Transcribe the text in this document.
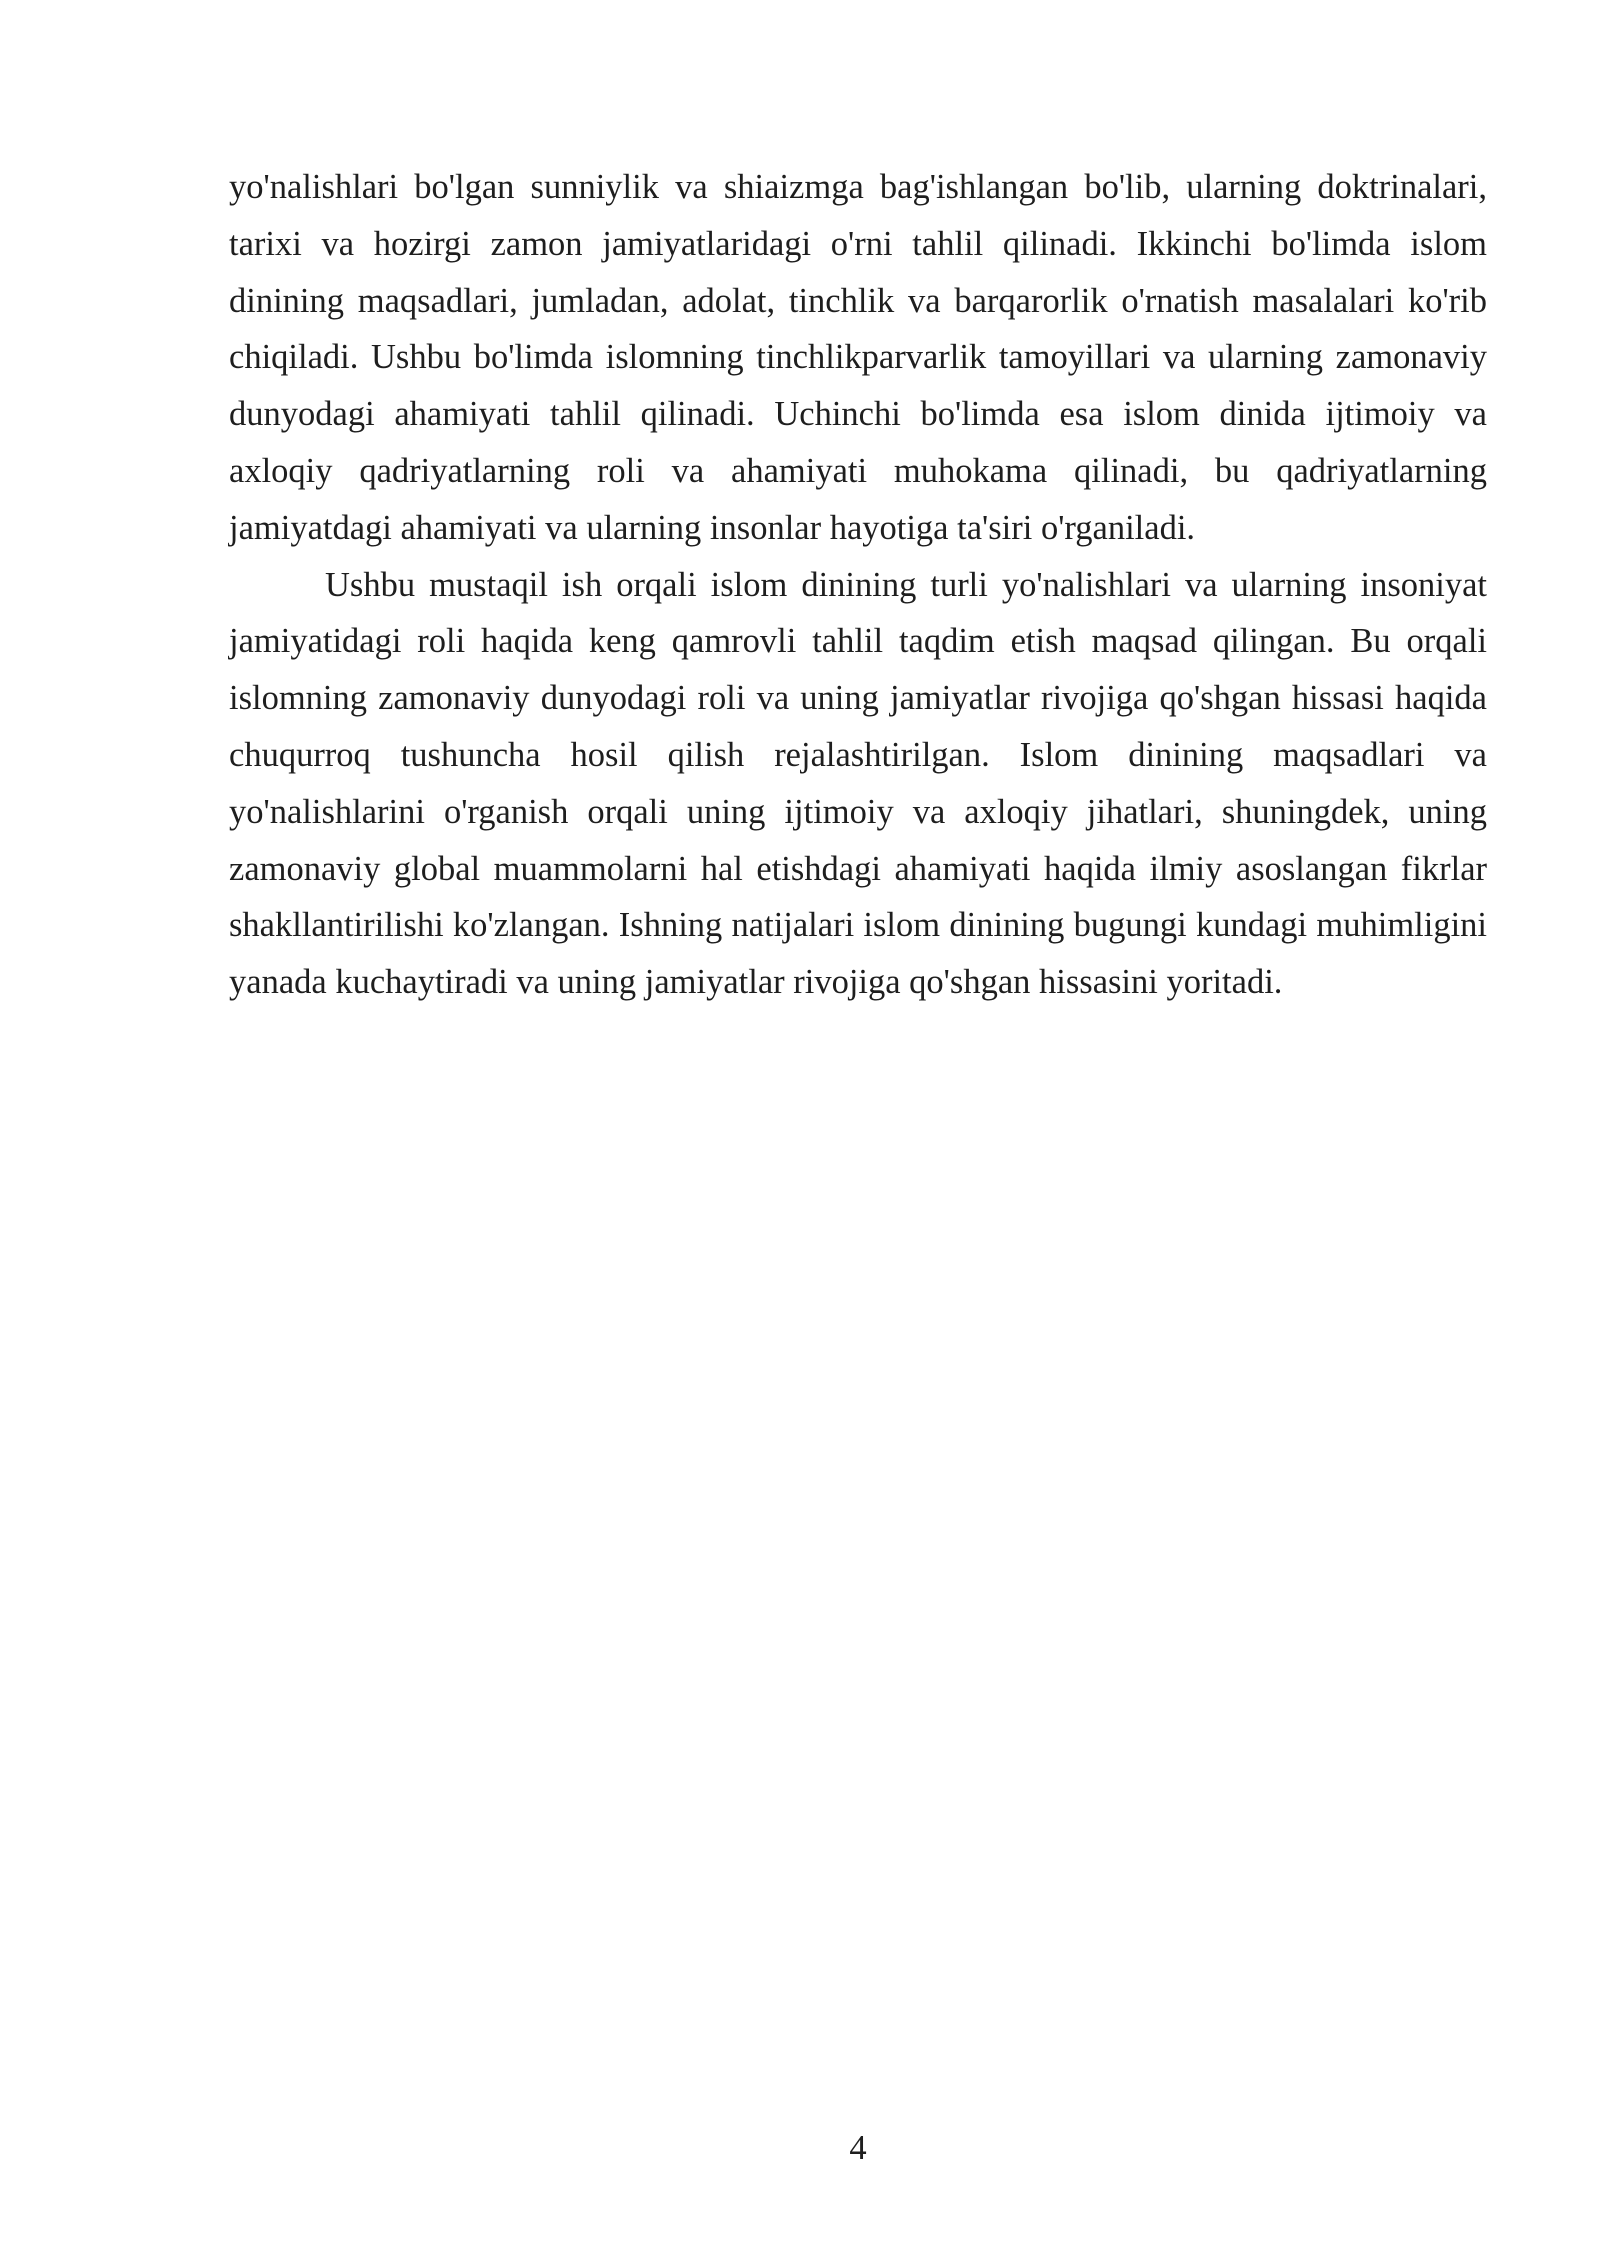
yo'nalishlari bo'lgan sunniylik va shiaizmga bag'ishlangan bo'lib, ularning doktrinalari, tarixi va hozirgi zamon jamiyatlaridagi o'rni tahlil qilinadi. Ikkinchi bo'limda islom dinining maqsadlari, jumladan, adolat, tinchlik va barqarorlik o'rnatish masalalari ko'rib chiqiladi. Ushbu bo'limda islomning tinchlikparvarlik tamoyillari va ularning zamonaviy dunyodagi ahamiyati tahlil qilinadi. Uchinchi bo'limda esa islom dinida ijtimoiy va axloqiy qadriyatlarning roli va ahamiyati muhokama qilinadi, bu qadriyatlarning jamiyatdagi ahamiyati va ularning insonlar hayotiga ta'siri o'rganiladi.

Ushbu mustaqil ish orqali islom dinining turli yo'nalishlari va ularning insoniyat jamiyatidagi roli haqida keng qamrovli tahlil taqdim etish maqsad qilingan. Bu orqali islomning zamonaviy dunyodagi roli va uning jamiyatlar rivojiga qo'shgan hissasi haqida chuqurroq tushuncha hosil qilish rejalashtirilgan. Islom dinining maqsadlari va yo'nalishlarini o'rganish orqali uning ijtimoiy va axloqiy jihatlari, shuningdek, uning zamonaviy global muammolarni hal etishdagi ahamiyati haqida ilmiy asoslangan fikrlar shakllantirilishi ko'zlangan. Ishning natijalari islom dinining bugungi kundagi muhimligini yanada kuchaytiradi va uning jamiyatlar rivojiga qo'shgan hissasini yoritadi.

4
